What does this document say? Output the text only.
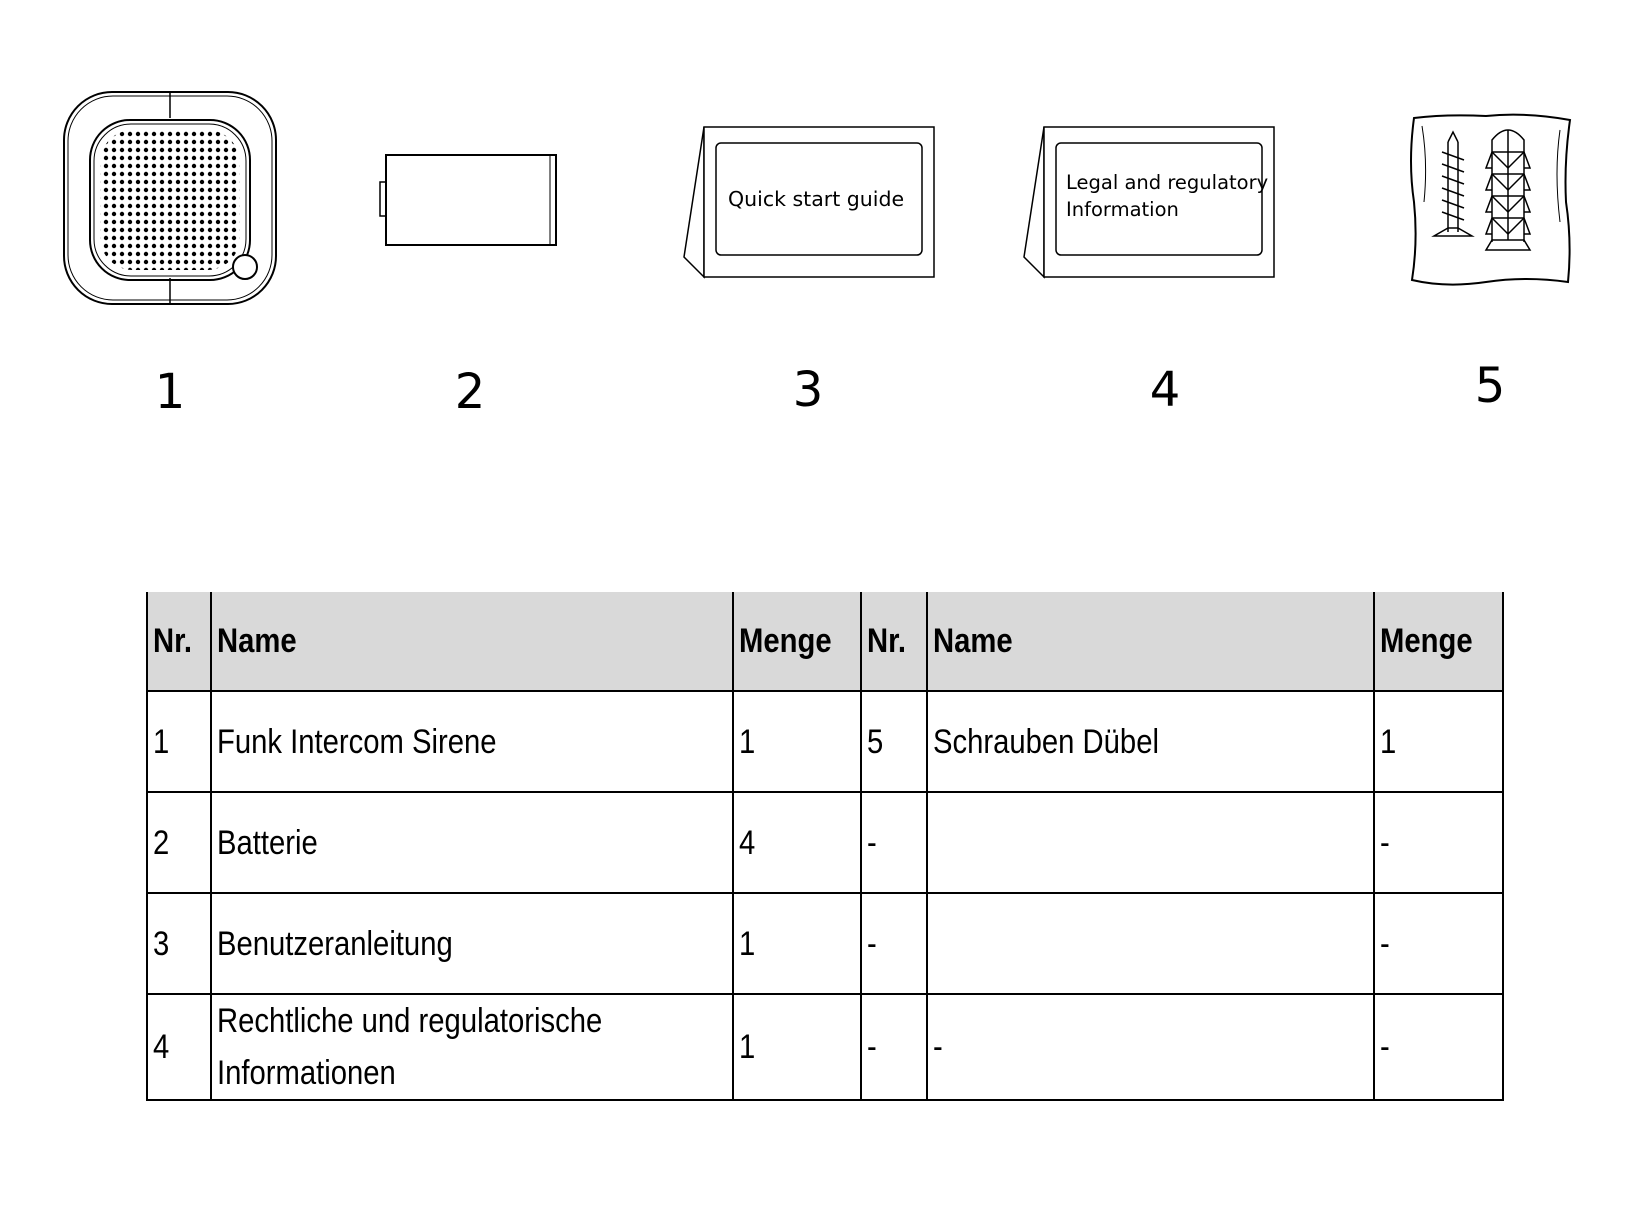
1	2
Quick start guide
3
Legal and regulatory
Information
4	5
Nr.	Name	Menge	Nr.	Name	Menge
1	Funk Intercom Sirene	1	5	Schrauben Dübel	1
2	Batterie	4	-		-
3	Benutzeranleitung	1	-		-
4	Rechtliche und regulatorische Informationen	1	-	-	-
